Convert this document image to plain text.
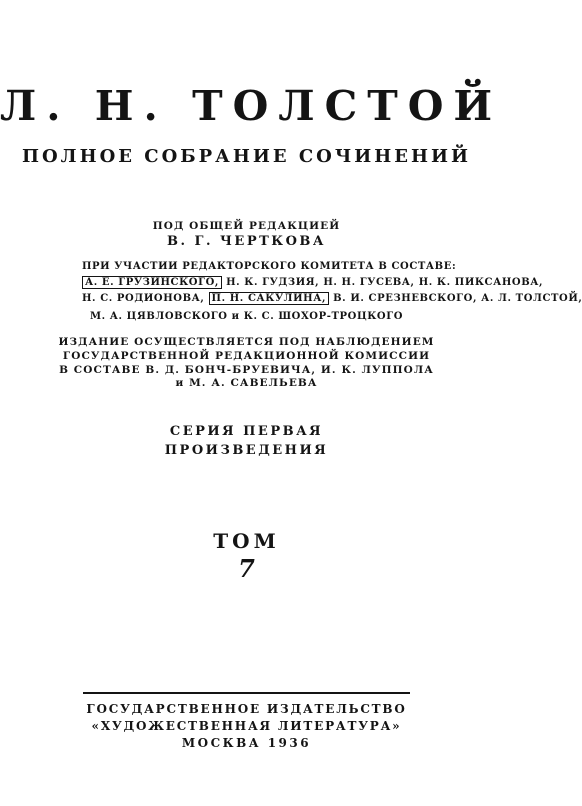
Л. Н. ТОЛСТОЙ
ПОЛНОЕ СОБРАНИЕ СОЧИНЕНИЙ
ПОД ОБЩЕЙ РЕДАКЦИЕЙ
В. Г. ЧЕРТКОВА
ПРИ УЧАСТИИ РЕДАКТОРСКОГО КОМИТЕТА В СОСТАВЕ:
А. Е. ГРУЗИНСКОГО, Н. К. ГУДЗИЯ, Н. Н. ГУСЕВА, Н. К. ПИКСАНОВА,
Н. С. РОДИОНОВА, П. Н. САКУЛИНА, В. И. СРЕЗНЕВСКОГО, А. Л. ТОЛСТОЙ,
М. А. ЦЯВЛОВСКОГО и К. С. ШОХОР-ТРОЦКОГО
ИЗДАНИЕ ОСУЩЕСТВЛЯЕТСЯ ПОД НАБЛЮДЕНИЕМ
ГОСУДАРСТВЕННОЙ РЕДАКЦИОННОЙ КОМИССИИ
В СОСТАВЕ В. Д. БОНЧ-БРУЕВИЧА, И. К. ЛУППОЛА
и М. А. САВЕЛЬЕВА
СЕРИЯ ПЕРВАЯ
ПРОИЗВЕДЕНИЯ
ТОМ
7
ГОСУДАРСТВЕННОЕ ИЗДАТЕЛЬСТВО
«ХУДОЖЕСТВЕННАЯ ЛИТЕРАТУРА»
МОСКВА 1936
